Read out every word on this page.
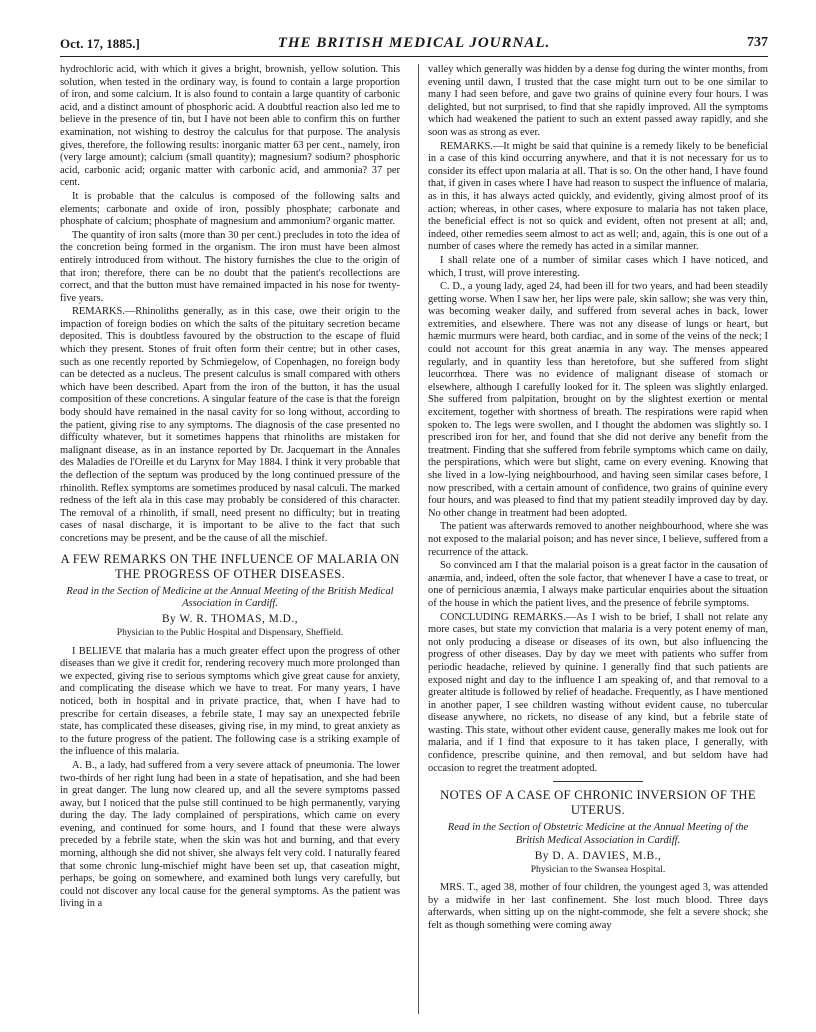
Oct. 17, 1885.]	THE BRITISH MEDICAL JOURNAL.	737

hydrochloric acid, with which it gives a bright, brownish, yellow solution. This solution, when tested in the ordinary way, is found to contain a large proportion of iron, and some calcium. It is also found to contain a large quantity of carbonic acid, and a distinct amount of phosphoric acid. A doubtful reaction also led me to believe in the presence of tin, but I have not been able to confirm this on further examination, not wishing to destroy the calculus for that purpose. The analysis gives, therefore, the following results: inorganic matter 63 per cent., namely, iron (very large amount); calcium (small quantity); magnesium? sodium? phosphoric acid, carbonic acid; organic matter with carbonic acid, and ammonia? 37 per cent.

It is probable that the calculus is composed of the following salts and elements; carbonate and oxide of iron, possibly phosphate; carbonate and phosphate of calcium; phosphate of magnesium and ammonium? organic matter.

The quantity of iron salts (more than 30 per cent.) precludes in toto the idea of the concretion being formed in the organism. The iron must have been almost entirely introduced from without. The history furnishes the clue to the origin of that iron; therefore, there can be no doubt that the patient's recollections are correct, and that the button must have remained impacted in his nose for twenty-five years.

REMARKS.—Rhinoliths generally, as in this case, owe their origin to the impaction of foreign bodies on which the salts of the pituitary secretion became deposited. This is doubtless favoured by the obstruction to the escape of fluid which they present. Stones of fruit often form their centre; but in other cases, such as one recently reported by Schmiegelow, of Copenhagen, no foreign body can be detected as a nucleus. The present calculus is small compared with others which have been described. Apart from the iron of the button, it has the usual composition of these concretions. A singular feature of the case is that the foreign body should have remained in the nasal cavity for so long without, according to the patient, giving rise to any symptoms. The diagnosis of the case presented no difficulty whatever, but it sometimes happens that rhinoliths are mistaken for malignant disease, as in an instance reported by Dr. Jacquemart in the Annales des Maladies de l'Oreille et du Larynx for May 1884. I think it very probable that the deflection of the septum was produced by the long continued pressure of the rhinolith. Reflex symptoms are sometimes produced by nasal calculi. The marked redness of the left ala in this case may probably be considered of this character. The removal of a rhinolith, if small, need present no difficulty; but in treating cases of nasal discharge, it is important to be alive to the fact that such concretions may be present, and be the cause of all the mischief.

A FEW REMARKS ON THE INFLUENCE OF MALARIA ON THE PROGRESS OF OTHER DISEASES.
Read in the Section of Medicine at the Annual Meeting of the British Medical Association in Cardiff.
By W. R. THOMAS, M.D.,
Physician to the Public Hospital and Dispensary, Sheffield.

I BELIEVE that malaria has a much greater effect upon the progress of other diseases than we give it credit for, rendering recovery much more prolonged than we expected, giving rise to serious symptoms which give great cause for anxiety, and complicating the disease which we have to treat. For many years, I have noticed, both in hospital and in private practice, that, when I have had to prescribe for certain diseases, a febrile state, I may say an unexpected febrile state, has complicated these diseases, giving rise, in my mind, to great anxiety as to the future progress of the patient. The following case is a striking example of the influence of this malaria.

A. B., a lady, had suffered from a very severe attack of pneumonia. The lower two-thirds of her right lung had been in a state of hepatisation, and she had been in great danger. The lung now cleared up, and all the severe symptoms passed away, but I noticed that the pulse still continued to be high permanently, varying during the day. The lady complained of perspirations, which came on every evening, and continued for some hours, and I found that these were always preceded by a febrile state, when the skin was hot and burning, and that every morning, although she did not shiver, she always felt very cold. I naturally feared that some chronic lung-mischief might have been set up, that caseation might, perhaps, be going on somewhere, and examined both lungs very carefully, but could not discover any local cause for the general symptoms. As the patient was living in a

valley which generally was hidden by a dense fog during the winter months, from evening until dawn, I trusted that the case might turn out to be one similar to many I had seen before, and gave two grains of quinine every four hours. I was delighted, but not surprised, to find that she rapidly improved. All the symptoms which had weakened the patient to such an extent passed away rapidly, and she soon was as strong as ever.

REMARKS.—It might be said that quinine is a remedy likely to be beneficial in a case of this kind occurring anywhere, and that it is not necessary for us to consider its effect upon malaria at all. That is so. On the other hand, I have found that, if given in cases where I have had reason to suspect the influence of malaria, as in this, it has always acted quickly, and evidently, giving almost proof of its action; whereas, in other cases, where exposure to malaria has not taken place, the beneficial effect is not so quick and evident, often not present at all; and, indeed, other remedies seem almost to act as well; and, again, this is one out of a number of cases where the remedy has acted in a similar manner.

I shall relate one of a number of similar cases which I have noticed, and which, I trust, will prove interesting.

C. D., a young lady, aged 24, had been ill for two years, and had been steadily getting worse. When I saw her, her lips were pale, skin sallow; she was very thin, was becoming weaker daily, and suffered from several aches in back, lower extremities, and elsewhere. There was not any disease of lungs or heart, but hæmic murmurs were heard, both cardiac, and in some of the veins of the neck; I could not account for this great anæmia in any way. The menses appeared regularly, and in quantity less than heretofore, but she suffered from slight leucorrhœa. There was no evidence of malignant disease of stomach or elsewhere, although I carefully looked for it. The spleen was slightly enlarged. She suffered from palpitation, brought on by the slightest exertion or mental excitement, together with shortness of breath. The respirations were rapid when spoken to. The legs were swollen, and I thought the abdomen was slightly so. I prescribed iron for her, and found that she did not derive any benefit from the treatment. Finding that she suffered from febrile symptoms which came on daily, the perspirations, which were but slight, came on every evening. Knowing that she lived in a low-lying neighbourhood, and having seen similar cases before, I now prescribed, with a certain amount of confidence, two grains of quinine every four hours, and was pleased to find that my patient steadily improved day by day. No other change in treatment had been adopted.

The patient was afterwards removed to another neighbourhood, where she was not exposed to the malarial poison; and has never since, I believe, suffered from a recurrence of the attack.

So convinced am I that the malarial poison is a great factor in the causation of anæmia, and, indeed, often the sole factor, that whenever I have a case to treat, or one of pernicious anæmia, I always make particular enquiries about the situation of the house in which the patient lives, and the presence of febrile symptoms.

CONCLUDING REMARKS.—As I wish to be brief, I shall not relate any more cases, but state my conviction that malaria is a very potent enemy of man, not only producing a disease or diseases of its own, but also influencing the progress of other diseases. Day by day we meet with patients who suffer from periodic headache, relieved by quinine. I generally find that such patients are exposed night and day to the influence I am speaking of, and that removal to a greater altitude is followed by relief of headache. Frequently, as I have mentioned in another paper, I see children wasting without evident cause, no tubercular disease anywhere, no rickets, no disease of any kind, but a febrile state of wasting. This state, without other evident cause, generally makes me look out for malaria, and if I find that exposure to it has taken place, I generally, with confidence, prescribe quinine, and then removal, and but seldom have had occasion to regret the treatment adopted.

NOTES OF A CASE OF CHRONIC INVERSION OF THE UTERUS.
Read in the Section of Obstetric Medicine at the Annual Meeting of the British Medical Association in Cardiff.
By D. A. DAVIES, M.B.,
Physician to the Swansea Hospital.

MRS. T., aged 38, mother of four children, the youngest aged 3, was attended by a midwife in her last confinement. She lost much blood. Three days afterwards, when sitting up on the night-commode, she felt a severe shock; she felt as though something were coming away
